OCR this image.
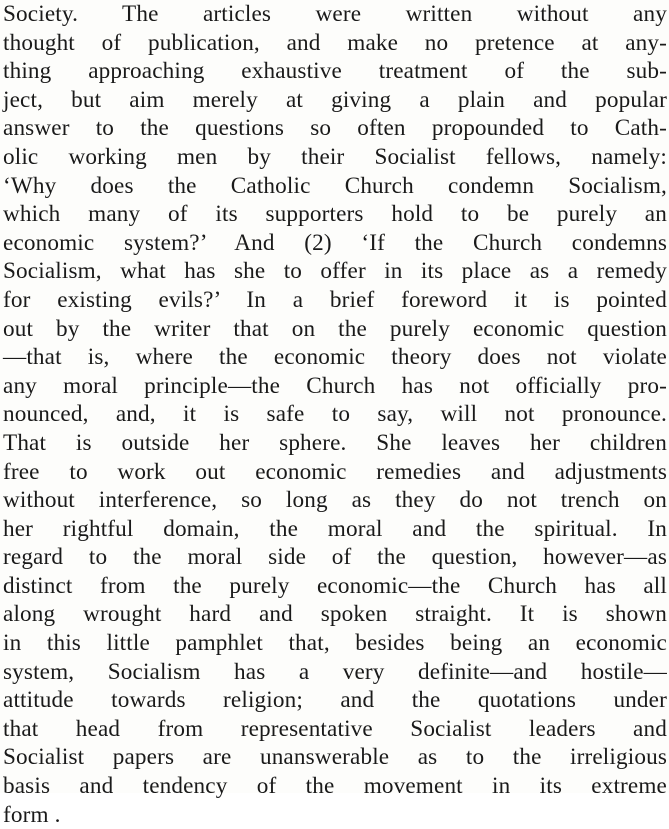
Society. The articles were written without any
thought of publication, and make no pretence at any-
thing approaching exhaustive treatment of the sub-
ject, but aim merely at giving a plain and popular
answer to the questions so often propounded to Cath-
olic working men by their Socialist fellows, namely:
‘Why does the Catholic Church condemn Socialism,
which many of its supporters hold to be purely an
economic system?’ And (2) ‘If the Church condemns
Socialism, what has she to offer in its place as a remedy
for existing evils?’ In a brief foreword it is pointed
out by the writer that on the purely economic question
—that is, where the economic theory does not violate
any moral principle—the Church has not officially pro-
nounced, and, it is safe to say, will not pronounce.
That is outside her sphere. She leaves her children
free to work out economic remedies and adjustments
without interference, so long as they do not trench on
her rightful domain, the moral and the spiritual. In
regard to the moral side of the question, however—as
distinct from the purely economic—the Church has all
along wrought hard and spoken straight. It is shown
in this little pamphlet that, besides being an economic
system, Socialism has a very definite—and hostile—
attitude towards religion; and the quotations under
that head from representative Socialist leaders and
Socialist papers are unanswerable as to the irreligious
basis and tendency of the movement in its extreme
form .
